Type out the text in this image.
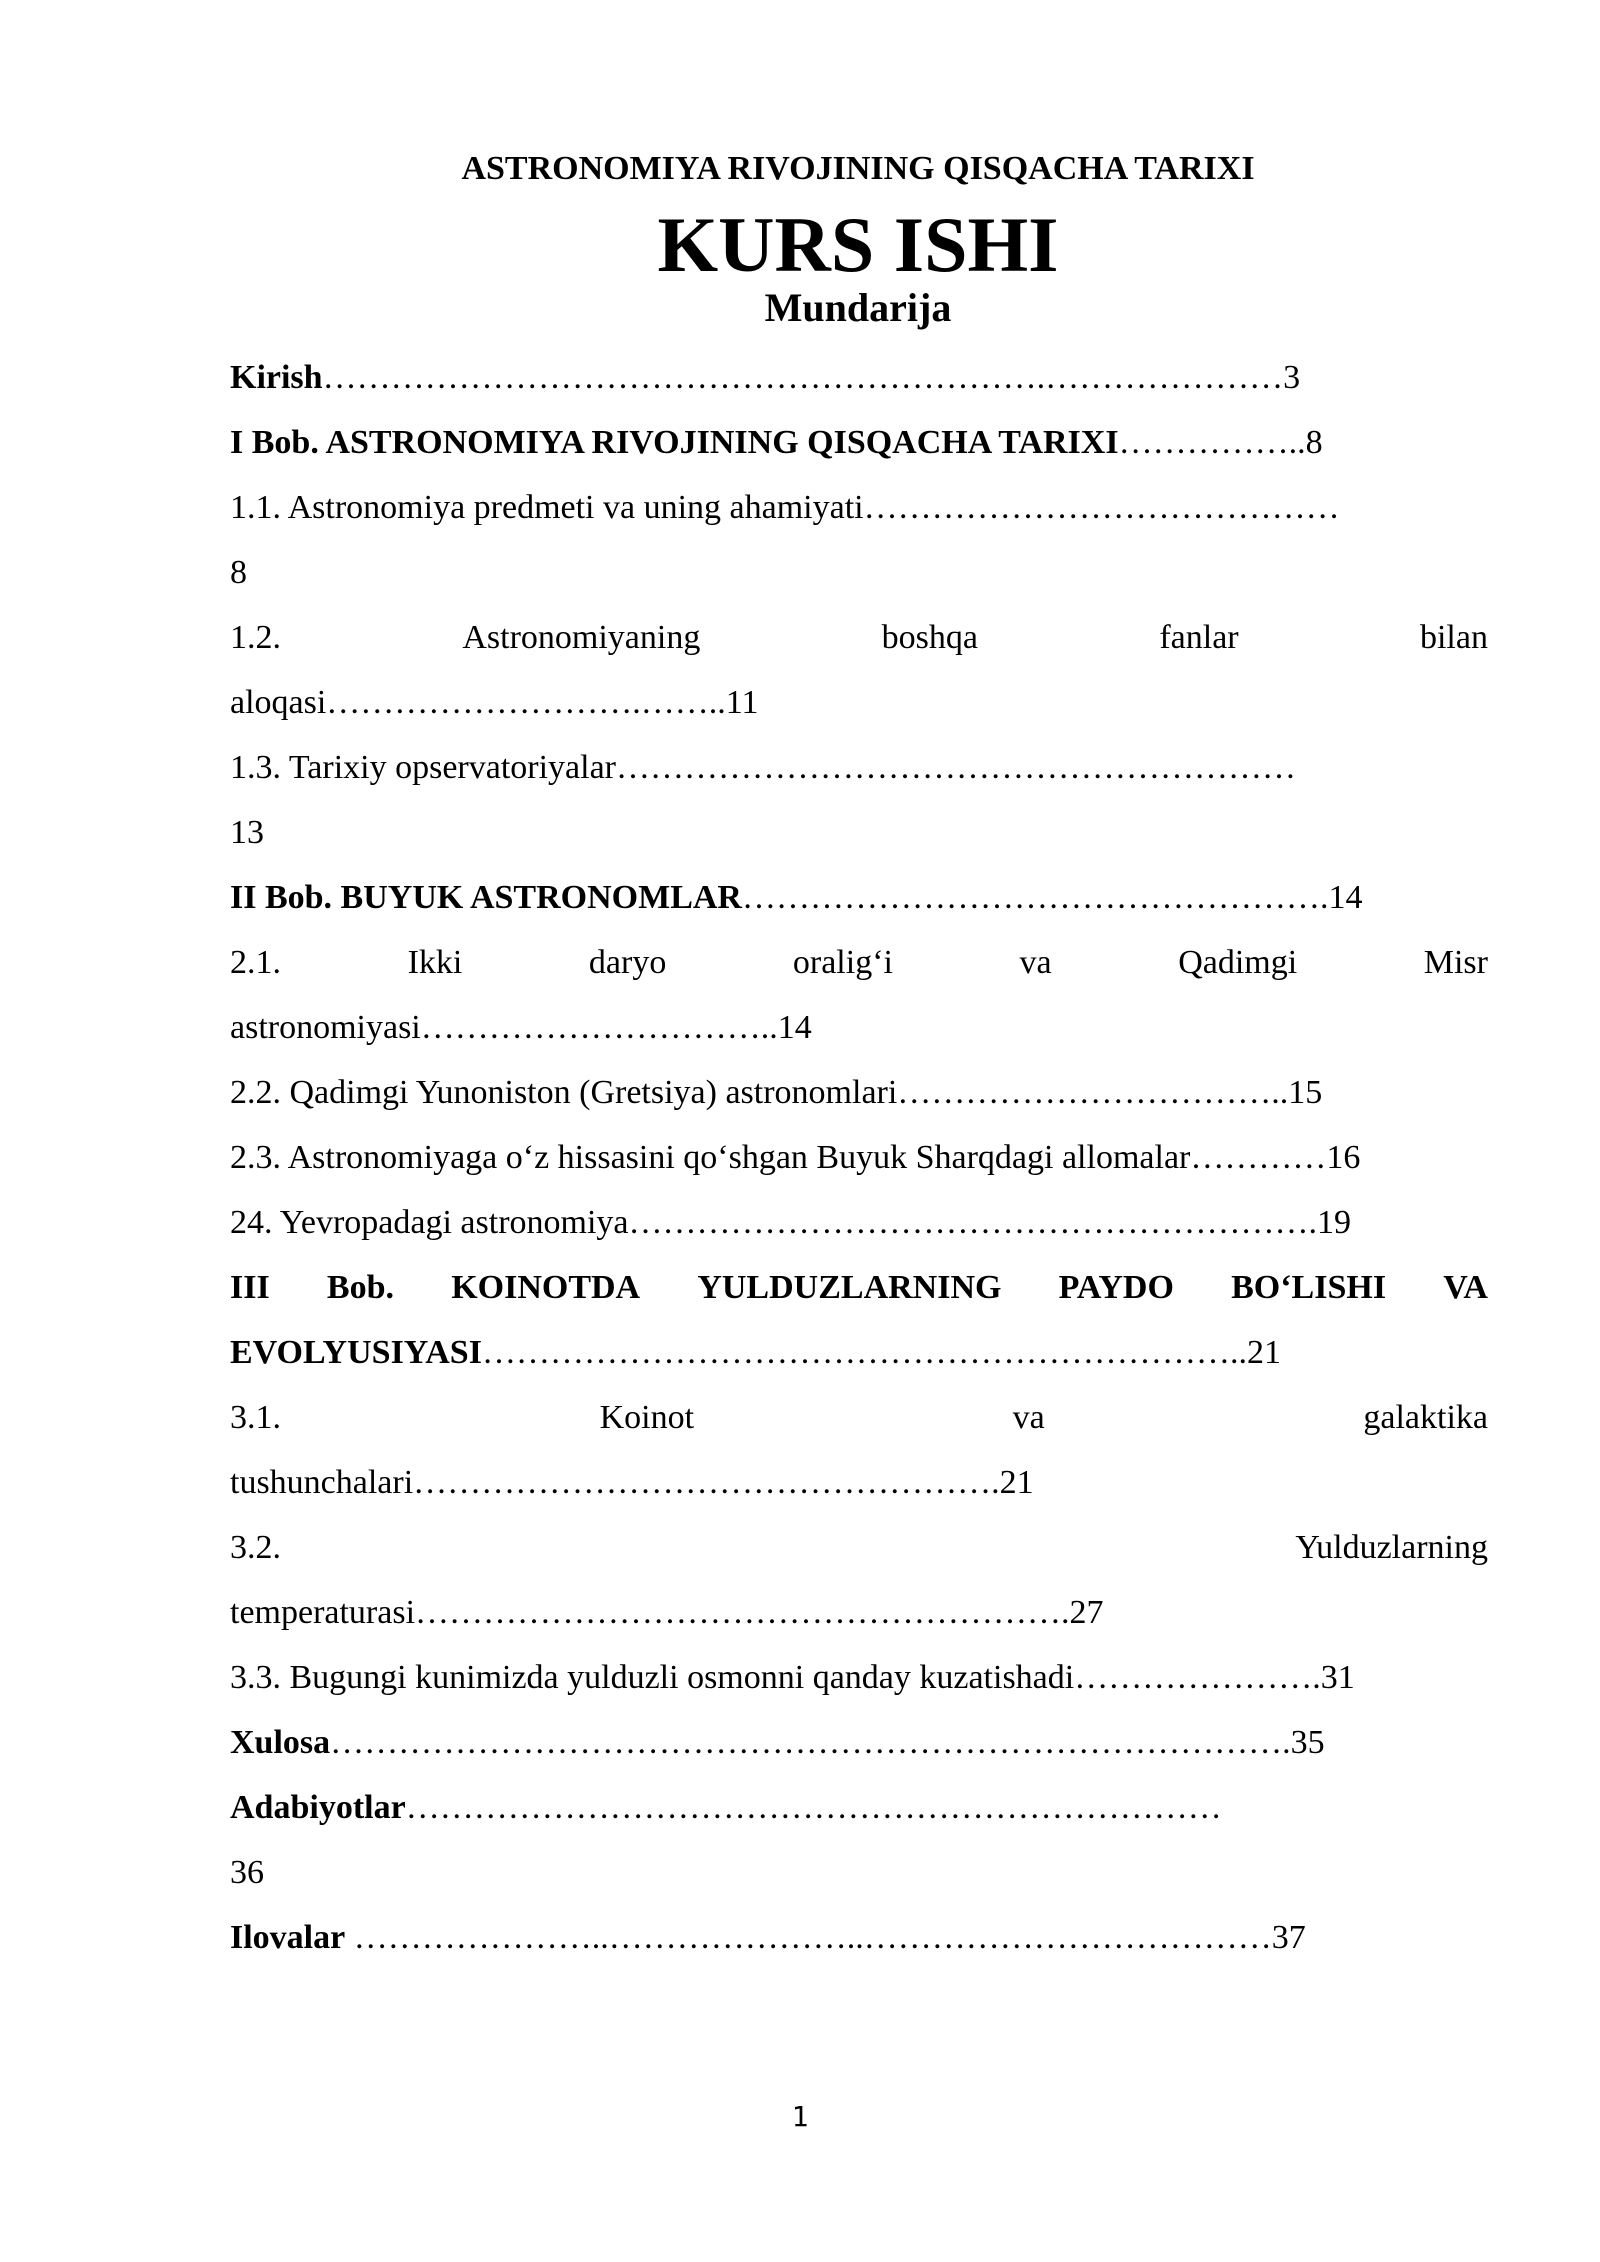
ASTRONOMIYA RIVOJINING QISQACHA TARIXI
KURS ISHI
Mundarija
Kirish……………………………………………………….…………………3
I Bob. ASTRONOMIYA RIVOJINING QISQACHA TARIXI……………..8
1.1. Astronomiya predmeti va uning ahamiyati……………………………………
8
1.2.	Astronomiyaning	boshqa	fanlar	bilan
aloqasi……………………….……..11
1.3. Tarixiy opservatoriyalar……………………………………………………
13
II Bob. BUYUK ASTRONOMLAR…………………………………………….14
2.1.	Ikki	daryo	oralig‘i	va	Qadimgi	Misr
astronomiyasi…………………………..14
2.2. Qadimgi Yunoniston (Gretsiya) astronomlari……………………………..15
2.3. Astronomiyaga o‘z hissasini qo‘shgan Buyuk Sharqdagi allomalar…………16
24. Yevropadagi astronomiya…………………………………………………….19
III Bob. KOINOTDA YULDUZLARNING PAYDO BO‘LISHI VA
EVOLYUSIYASI…………………………………………………………..21
3.1.	Koinot	va	galaktika
tushunchalari…………………………………………….21
3.2.	Yulduzlarning
temperaturasi………………………………………………….27
3.3. Bugungi kunimizda yulduzli osmonni qanday kuzatishadi………………….31
Xulosa………………………………………………………………………….35
Adabiyotlar………………………………………………………………
36
Ilovalar …………………..…………………..………………………………37
1
